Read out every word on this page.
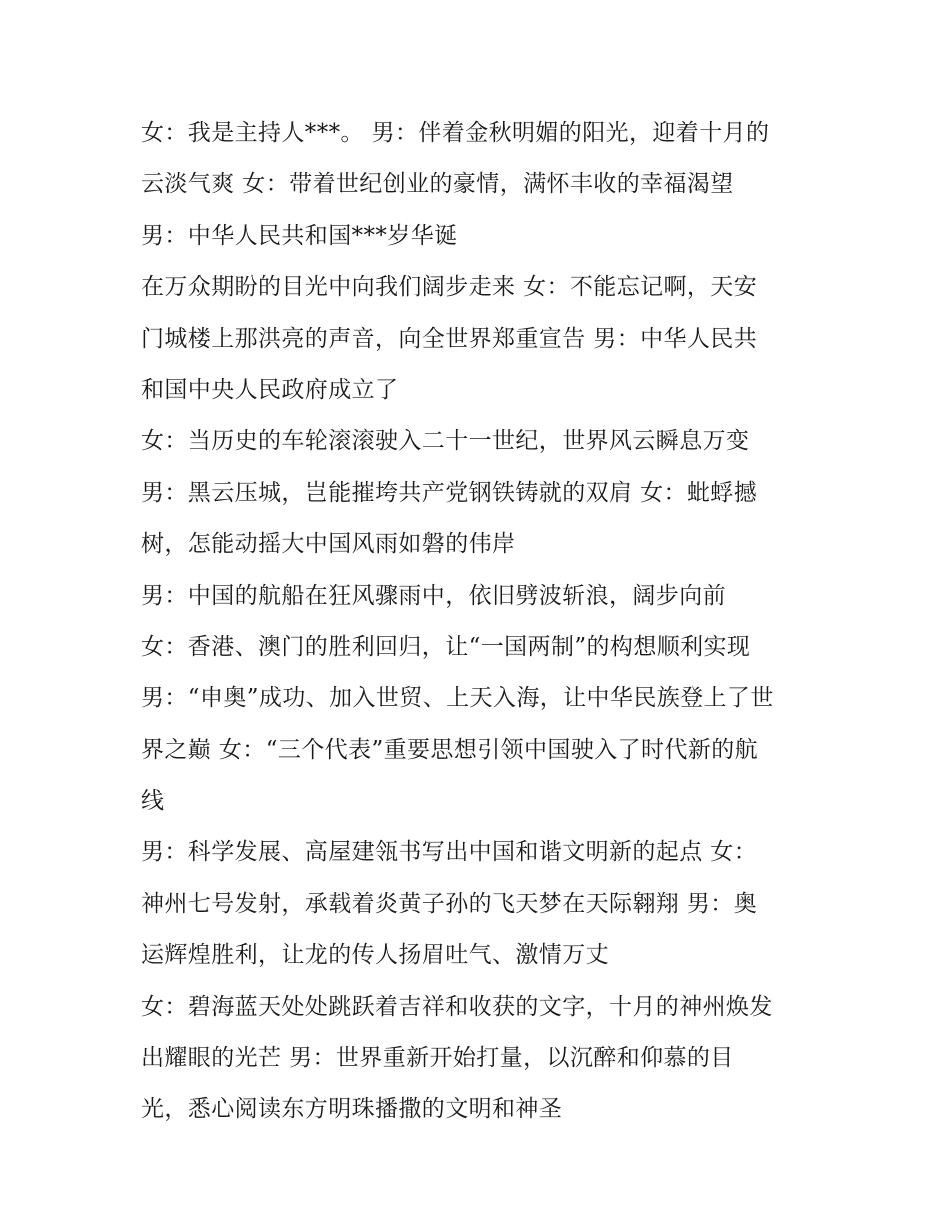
女：我是主持人***。 男：伴着金秋明媚的阳光，迎着十月的
云淡气爽 女：带着世纪创业的豪情，满怀丰收的幸福渴望
男：中华人民共和国***岁华诞
在万众期盼的目光中向我们阔步走来 女：不能忘记啊，天安
门城楼上那洪亮的声音，向全世界郑重宣告 男：中华人民共
和国中央人民政府成立了
女：当历史的车轮滚滚驶入二十一世纪，世界风云瞬息万变
男：黑云压城，岂能摧垮共产党钢铁铸就的双肩 女：蚍蜉撼
树，怎能动摇大中国风雨如磐的伟岸
男：中国的航船在狂风骤雨中，依旧劈波斩浪，阔步向前
女：香港、澳门的胜利回归，让“一国两制”的构想顺利实现
男：“申奥”成功、加入世贸、上天入海，让中华民族登上了世
界之巅 女：“三个代表”重要思想引领中国驶入了时代新的航
线
男：科学发展、高屋建瓴书写出中国和谐文明新的起点 女：
神州七号发射，承载着炎黄子孙的飞天梦在天际翱翔 男：奥
运辉煌胜利，让龙的传人扬眉吐气、激情万丈
女：碧海蓝天处处跳跃着吉祥和收获的文字，十月的神州焕发
出耀眼的光芒 男：世界重新开始打量，以沉醉和仰慕的目
光，悉心阅读东方明珠播撒的文明和神圣
